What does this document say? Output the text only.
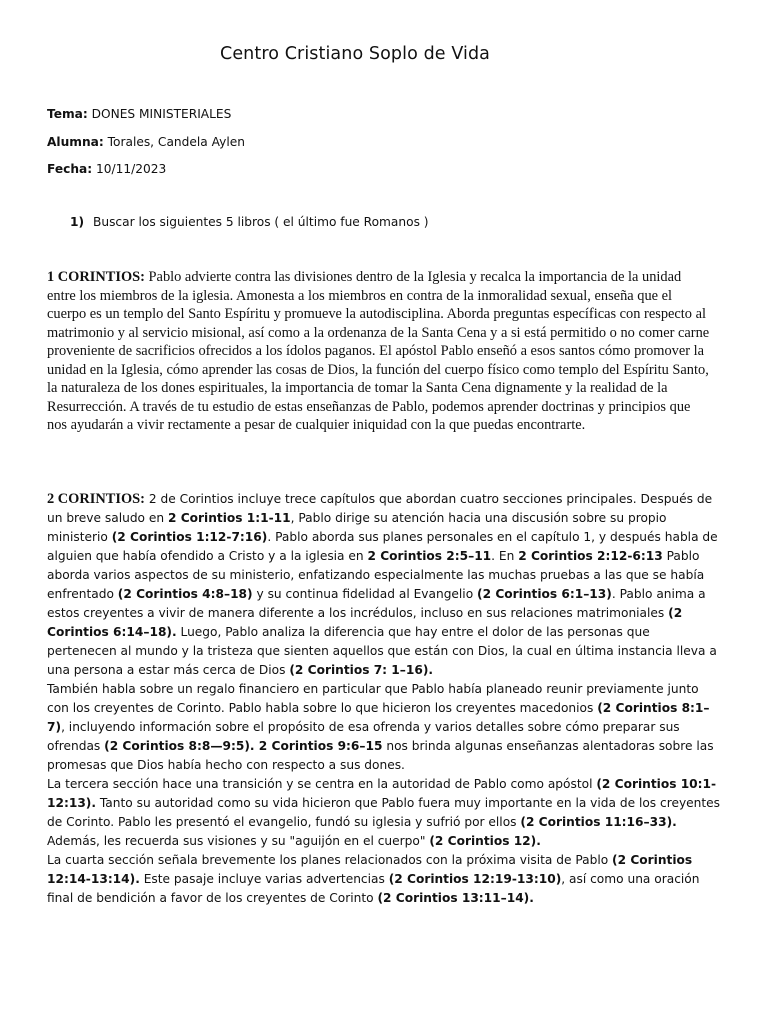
Centro Cristiano Soplo de Vida
Tema: DONES MINISTERIALES
Alumna: Torales, Candela Aylen
Fecha: 10/11/2023
1) Buscar los siguientes 5 libros ( el último fue Romanos )
1 CORINTIOS: Pablo advierte contra las divisiones dentro de la Iglesia y recalca la importancia de la unidad entre los miembros de la iglesia. Amonesta a los miembros en contra de la inmoralidad sexual, enseña que el cuerpo es un templo del Santo Espíritu y promueve la autodisciplina. Aborda preguntas específicas con respecto al matrimonio y al servicio misional, así como a la ordenanza de la Santa Cena y a si está permitido o no comer carne proveniente de sacrificios ofrecidos a los ídolos paganos. El apóstol Pablo enseñó a esos santos cómo promover la unidad en la Iglesia, cómo aprender las cosas de Dios, la función del cuerpo físico como templo del Espíritu Santo, la naturaleza de los dones espirituales, la importancia de tomar la Santa Cena dignamente y la realidad de la Resurrección. A través de tu estudio de estas enseñanzas de Pablo, podemos aprender doctrinas y principios que nos ayudarán a vivir rectamente a pesar de cualquier iniquidad con la que puedas encontrarte.

2 CORINTIOS: 2 de Corintios incluye trece capítulos que abordan cuatro secciones principales. Después de un breve saludo en 2 Corintios 1:1-11, Pablo dirige su atención hacia una discusión sobre su propio ministerio (2 Corintios 1:12-7:16). Pablo aborda sus planes personales en el capítulo 1, y después habla de alguien que había ofendido a Cristo y a la iglesia en 2 Corintios 2:5–11. En 2 Corintios 2:12-6:13 Pablo aborda varios aspectos de su ministerio, enfatizando especialmente las muchas pruebas a las que se había enfrentado (2 Corintios 4:8–18) y su continua fidelidad al Evangelio (2 Corintios 6:1–13). Pablo anima a estos creyentes a vivir de manera diferente a los incrédulos, incluso en sus relaciones matrimoniales (2 Corintios 6:14–18). Luego, Pablo analiza la diferencia que hay entre el dolor de las personas que pertenecen al mundo y la tristeza que sienten aquellos que están con Dios, la cual en última instancia lleva a una persona a estar más cerca de Dios (2 Corintios 7: 1–16).

También habla sobre un regalo financiero en particular que Pablo había planeado reunir previamente junto con los creyentes de Corinto. Pablo habla sobre lo que hicieron los creyentes macedonios (2 Corintios 8:1–7), incluyendo información sobre el propósito de esa ofrenda y varios detalles sobre cómo preparar sus ofrendas (2 Corintios 8:8—9:5). 2 Corintios 9:6–15 nos brinda algunas enseñanzas alentadoras sobre las promesas que Dios había hecho con respecto a sus dones.

La tercera sección hace una transición y se centra en la autoridad de Pablo como apóstol (2 Corintios 10:1-12:13). Tanto su autoridad como su vida hicieron que Pablo fuera muy importante en la vida de los creyentes de Corinto. Pablo les presentó el evangelio, fundó su iglesia y sufrió por ellos (2 Corintios 11:16–33). Además, les recuerda sus visiones y su "aguijón en el cuerpo" (2 Corintios 12).

La cuarta sección señala brevemente los planes relacionados con la próxima visita de Pablo (2 Corintios 12:14-13:14). Este pasaje incluye varias advertencias (2 Corintios 12:19-13:10), así como una oración final de bendición a favor de los creyentes de Corinto (2 Corintios 13:11–14).
